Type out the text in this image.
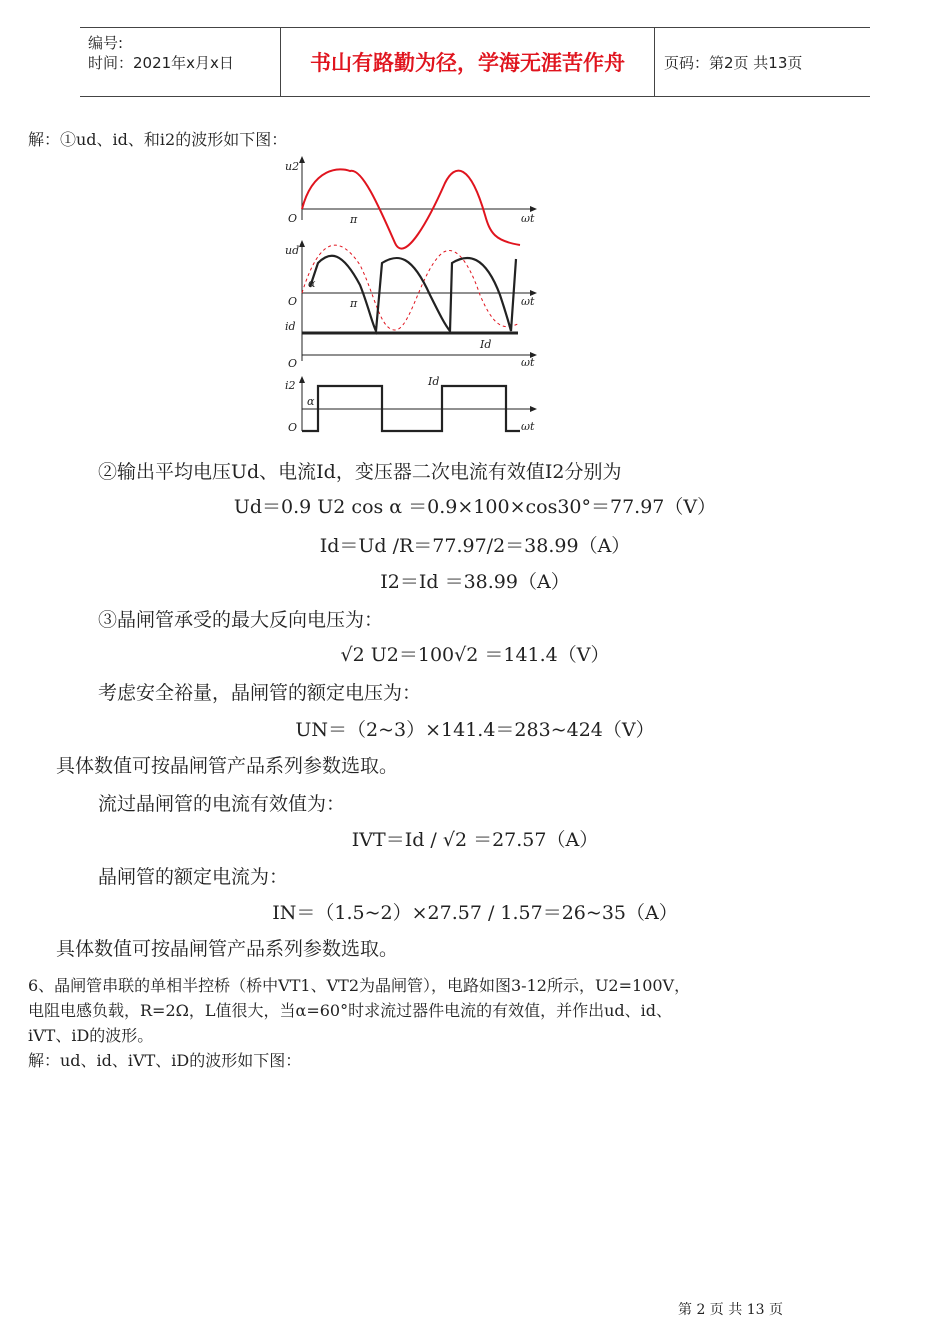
编号:
时间：2021年x月x日	书山有路勤为径，学海无涯苦作舟	页码：第2页 共13页
解：①ud、id、和i2的波形如下图：
u2
O	π	ωt
ud
O
α
π	ωt
id
O
Id
ωt
i2
O
α
Id
ωt
②输出平均电压Ud、电流Id，变压器二次电流有效值I2分别为
Ud＝0.9 U2 cos α ＝0.9×100×cos30°＝77.97（V）
Id＝Ud /R＝77.97/2＝38.99（A）
I2＝Id ＝38.99（A）
③晶闸管承受的最大反向电压为：
√2 U2＝100√2 ＝141.4（V）
考虑安全裕量，晶闸管的额定电压为：
UN＝（2~3）×141.4＝283~424（V）
具体数值可按晶闸管产品系列参数选取。
流过晶闸管的电流有效值为：
IVT＝Id / √2 ＝27.57（A）
晶闸管的额定电流为：
IN＝（1.5~2）×27.57 / 1.57＝26~35（A）
具体数值可按晶闸管产品系列参数选取。
6、晶闸管串联的单相半控桥（桥中VT1、VT2为晶闸管），电路如图3-12所示，U2=100V，
电阻电感负载，R=2Ω，L值很大，当α=60°时求流过器件电流的有效值，并作出ud、id、
iVT、iD的波形。
解：ud、id、iVT、iD的波形如下图：
第 2 页 共 13 页
